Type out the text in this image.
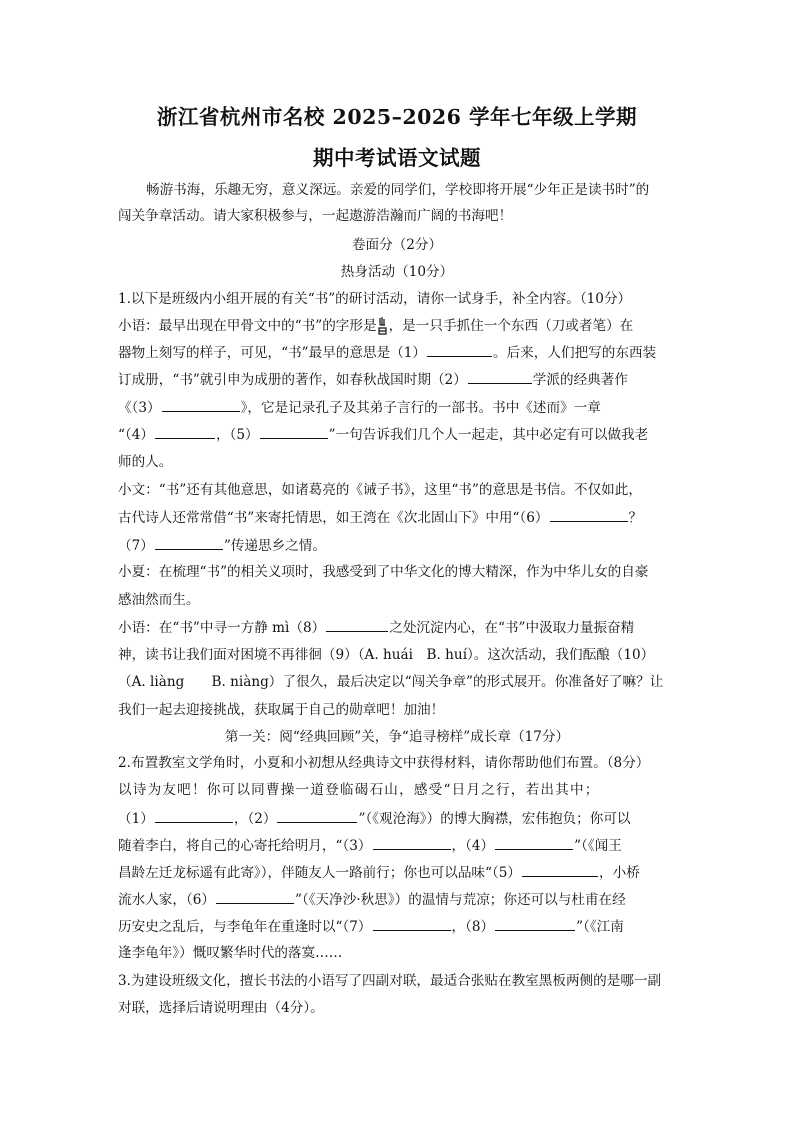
浙江省杭州市名校 2025–2026 学年七年级上学期
期中考试语文试题
畅游书海，乐趣无穷，意义深远。亲爱的同学们，学校即将开展“少年正是读书时”的
闯关争章活动。请大家积极参与，一起遨游浩瀚而广阔的书海吧！
卷面分（2分）
热身活动（10分）
1.以下是班级内小组开展的有关“书”的研讨活动，请你一试身手，补全内容。（10分）
小语：最早出现在甲骨文中的“书”的字形是 ，是一只手抓住一个东西（刀或者笔）在
器物上刻写的样子，可见，“书”最早的意思是（1）	。后来，人们把写的东西装
订成册，“书”就引申为成册的著作，如春秋战国时期（2）	学派的经典著作
《（3）	》，它是记录孔子及其弟子言行的一部书。书中《述而》一章
“（4）	，（5）	”一句告诉我们几个人一起走，其中必定有可以做我老
师的人。
小文：“书”还有其他意思，如诸葛亮的《诫子书》，这里“书”的意思是书信。不仅如此，
古代诗人还常常借“书”来寄托情思，如王湾在《次北固山下》中用“（6）	？
（7）	”传递思乡之情。
小夏：在梳理“书”的相关义项时，我感受到了中华文化的博大精深，作为中华儿女的自豪
感油然而生。
小语：在“书”中寻一方静 mì（8）	之处沉淀内心，在“书”中汲取力量振奋精
神，读书让我们面对困境不再徘徊（9）（A. huái　B. huí）。这次活动，我们酝酿（10）
（A. liàng　　B. niàng）了很久，最后决定以“闯关争章”的形式展开。你准备好了嘛？让
我们一起去迎接挑战，获取属于自己的勋章吧！加油！
第一关：阅“经典回顾”关，争“追寻榜样”成长章（17分）
2.布置教室文学角时，小夏和小初想从经典诗文中获得材料，请你帮助他们布置。（8分）
以诗为友吧！你可以同曹操一道登临碣石山，感受“日月之行，若出其中；
（1）	，（2）	”（《观沧海》）的博大胸襟，宏伟抱负；你可以
随着李白，将自己的心寄托给明月，“（3）	，（4）	”（《闻王
昌龄左迁龙标遥有此寄》），伴随友人一路前行；你也可以品味“（5）	，小桥
流水人家，（6）	”（《天净沙·秋思》）的温情与荒凉；你还可以与杜甫在经
历安史之乱后，与李龟年在重逢时以“（7）	，（8）	”（《江南
逢李龟年》）慨叹繁华时代的落寞……
3.为建设班级文化，擅长书法的小语写了四副对联，最适合张贴在教室黑板两侧的是哪一副
对联，选择后请说明理由（4分）。
